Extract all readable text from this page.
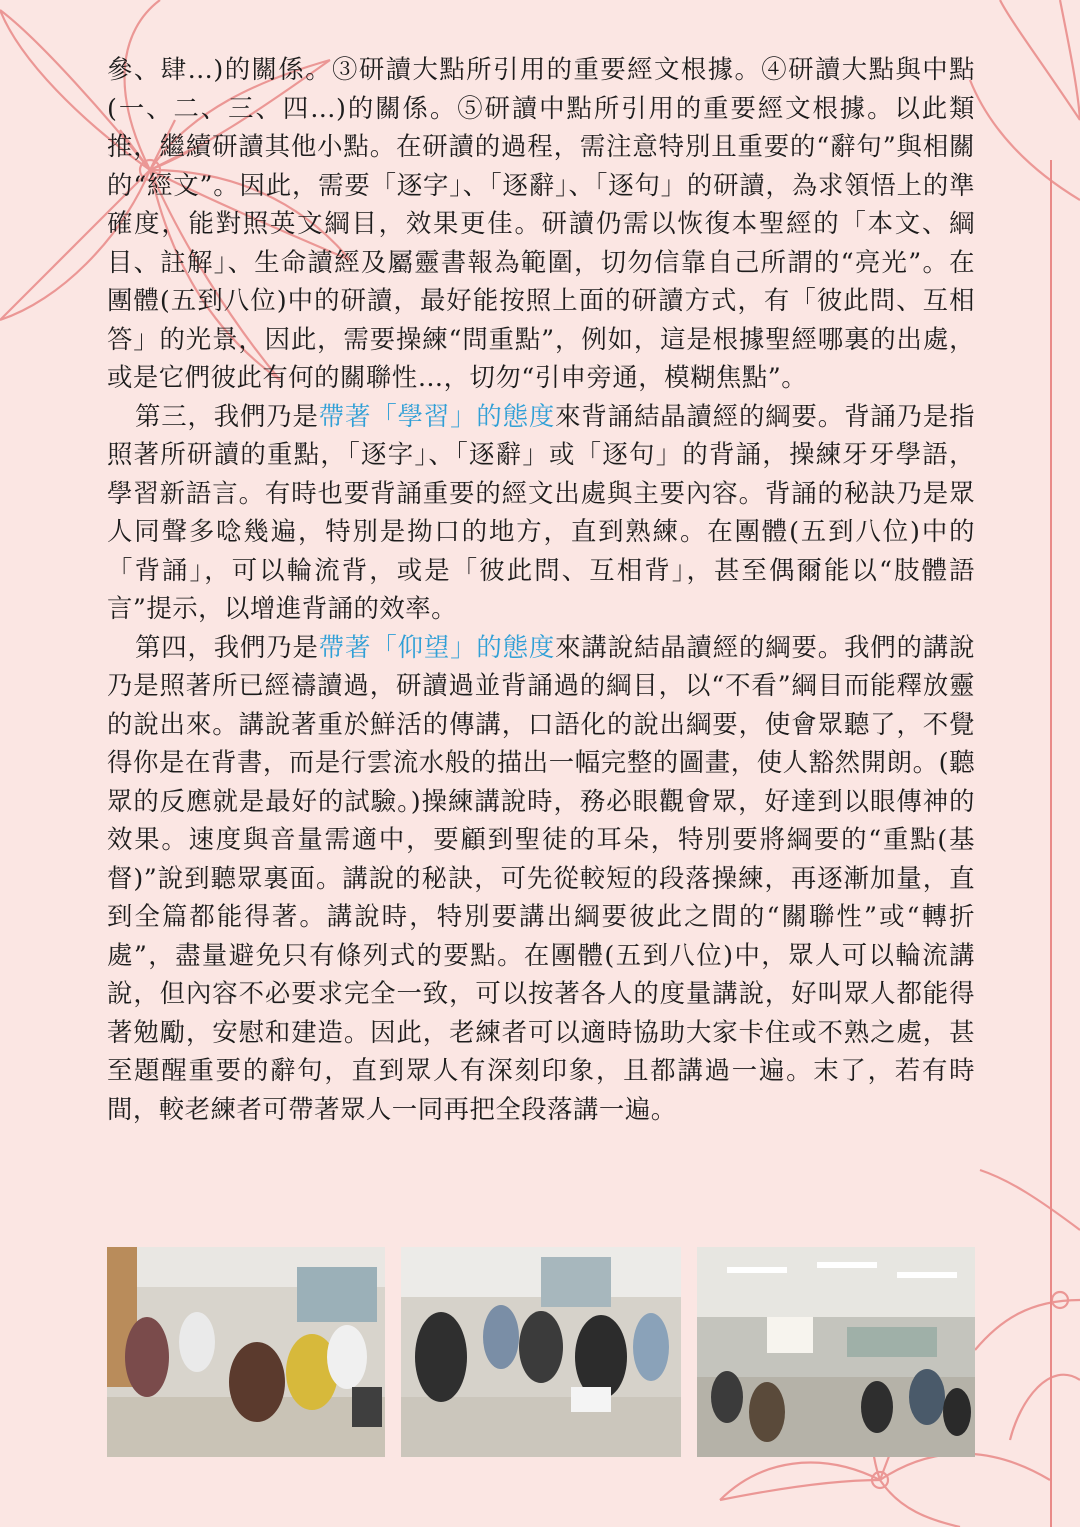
參、肆…)的關係。③研讀大點所引用的重要經文根據。④研讀大點與中點(一、二、三、四…)的關係。⑤研讀中點所引用的重要經文根據。以此類推，繼續研讀其他小點。在研讀的過程，需注意特別且重要的“辭句”與相關的“經文”。因此，需要「逐字」、「逐辭」、「逐句」的研讀，為求領悟上的準確度，能對照英文綱目，效果更佳。研讀仍需以恢復本聖經的「本文、綱目、註解」、生命讀經及屬靈書報為範圍，切勿信靠自己所謂的“亮光”。在團體(五到八位)中的研讀，最好能按照上面的研讀方式，有「彼此問、互相答」的光景，因此，需要操練“問重點”，例如，這是根據聖經哪裏的出處，或是它們彼此有何的關聯性…，切勿“引申旁通，模糊焦點”。

第三，我們乃是帶著「學習」的態度來背誦結晶讀經的綱要。背誦乃是指照著所研讀的重點，「逐字」、「逐辭」或「逐句」的背誦，操練牙牙學語，學習新語言。有時也要背誦重要的經文出處與主要內容。背誦的秘訣乃是眾人同聲多唸幾遍，特別是拗口的地方，直到熟練。在團體(五到八位)中的「背誦」，可以輪流背，或是「彼此問、互相背」，甚至偶爾能以“肢體語言”提示，以增進背誦的效率。

第四，我們乃是帶著「仰望」的態度來講說結晶讀經的綱要。我們的講說乃是照著所已經禱讀過，研讀過並背誦過的綱目，以“不看”綱目而能釋放靈的說出來。講說著重於鮮活的傳講，口語化的說出綱要，使會眾聽了，不覺得你是在背書，而是行雲流水般的描出一幅完整的圖畫，使人豁然開朗。(聽眾的反應就是最好的試驗。)操練講說時，務必眼觀會眾，好達到以眼傳神的效果。速度與音量需適中，要顧到聖徒的耳朵，特別要將綱要的“重點(基督)”說到聽眾裏面。講說的秘訣，可先從較短的段落操練，再逐漸加量，直到全篇都能得著。講說時，特別要講出綱要彼此之間的“關聯性”或“轉折處”，盡量避免只有條列式的要點。在團體(五到八位)中，眾人可以輪流講說，但內容不必要求完全一致，可以按著各人的度量講說，好叫眾人都能得著勉勵，安慰和建造。因此，老練者可以適時協助大家卡住或不熟之處，甚至題醒重要的辭句，直到眾人有深刻印象，且都講過一遍。末了，若有時間，較老練者可帶著眾人一同再把全段落講一遍。
